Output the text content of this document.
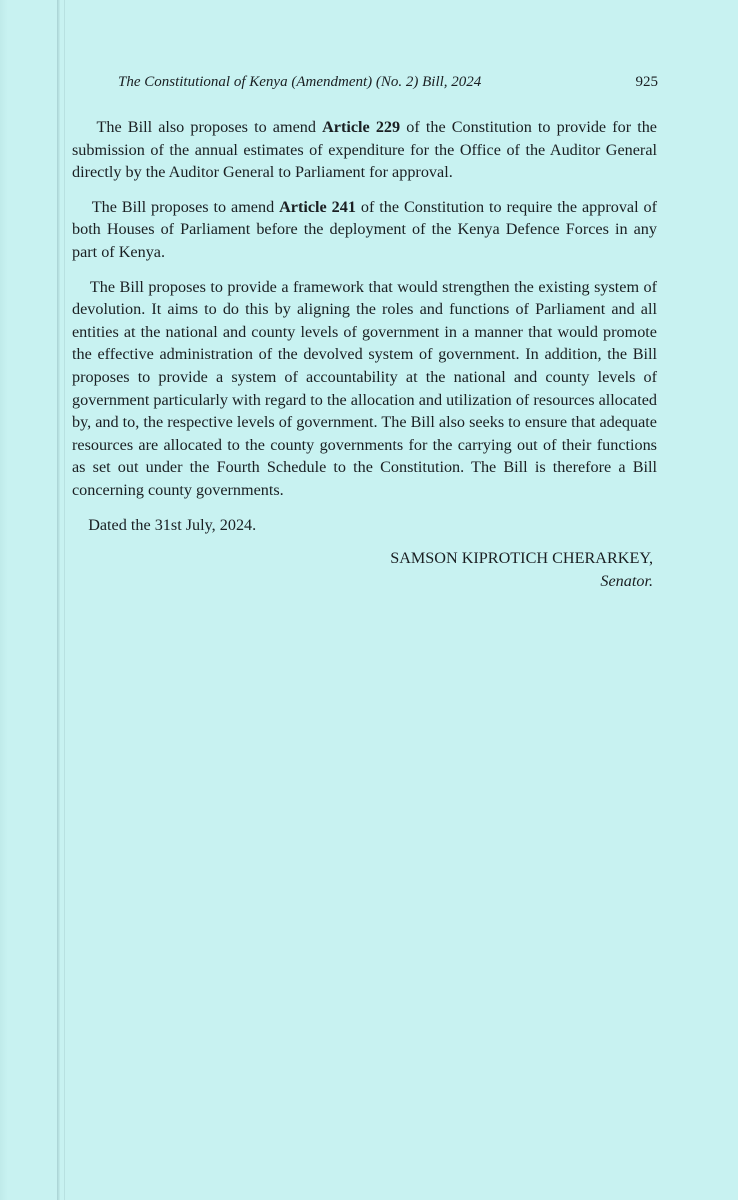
The Constitutional of Kenya (Amendment) (No. 2) Bill, 2024	925

The Bill also proposes to amend Article 229 of the Constitution to provide for the submission of the annual estimates of expenditure for the Office of the Auditor General directly by the Auditor General to Parliament for approval.

The Bill proposes to amend Article 241 of the Constitution to require the approval of both Houses of Parliament before the deployment of the Kenya Defence Forces in any part of Kenya.

The Bill proposes to provide a framework that would strengthen the existing system of devolution. It aims to do this by aligning the roles and functions of Parliament and all entities at the national and county levels of government in a manner that would promote the effective administration of the devolved system of government. In addition, the Bill proposes to provide a system of accountability at the national and county levels of government particularly with regard to the allocation and utilization of resources allocated by, and to, the respective levels of government. The Bill also seeks to ensure that adequate resources are allocated to the county governments for the carrying out of their functions as set out under the Fourth Schedule to the Constitution. The Bill is therefore a Bill concerning county governments.

Dated the 31st July, 2024.

SAMSON KIPROTICH CHERARKEY,
Senator.
